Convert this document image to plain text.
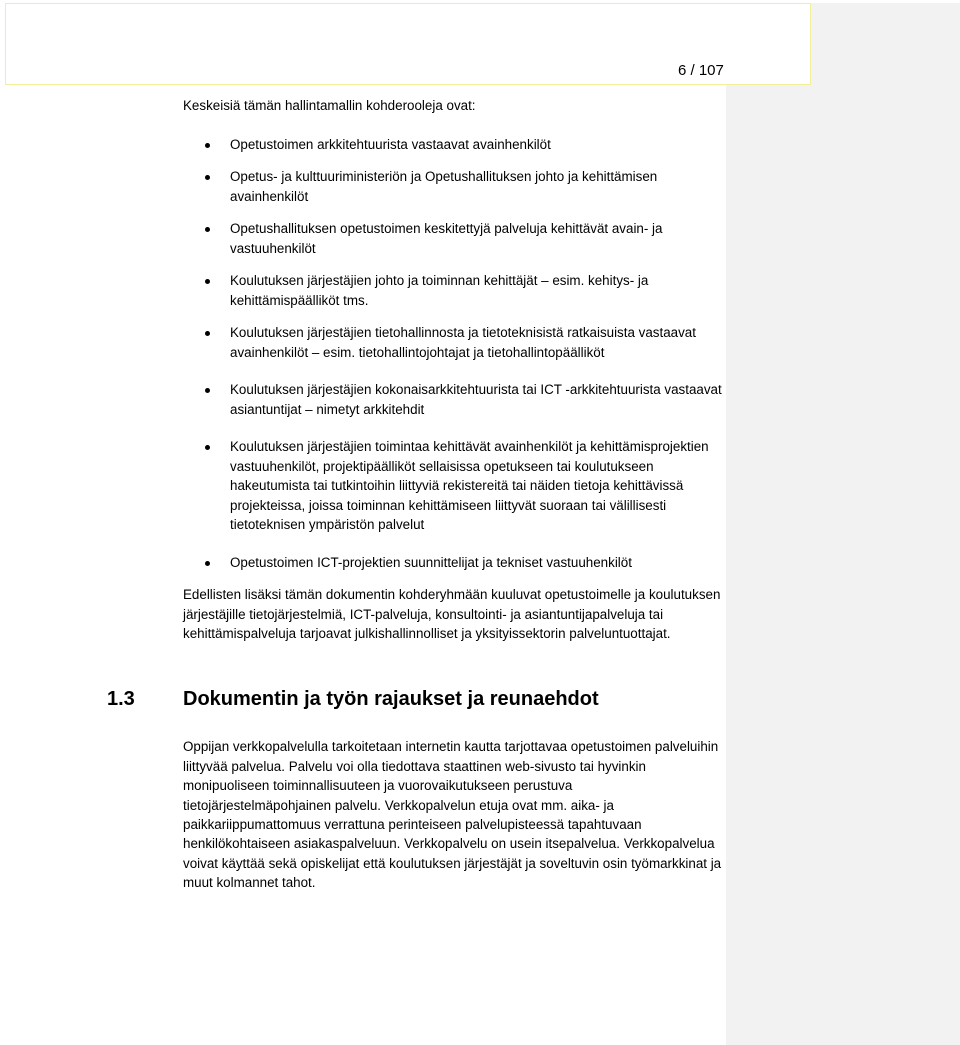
6 / 107

Keskeisiä tämän hallintamallin kohderooleja ovat:

Opetustoimen arkkitehtuurista vastaavat avainhenkilöt
Opetus- ja kulttuuriministeriön ja Opetushallituksen johto ja kehittämisen avainhenkilöt
Opetushallituksen opetustoimen keskitettyjä palveluja kehittävät avain- ja vastuuhenkilöt
Koulutuksen järjestäjien johto ja toiminnan kehittäjät – esim. kehitys- ja kehittämispäälliköt tms.
Koulutuksen järjestäjien tietohallinnosta ja tietoteknisistä ratkaisuista vastaavat avainhenkilöt – esim. tietohallintojohtajat ja tietohallintopäälliköt
Koulutuksen järjestäjien kokonaisarkkitehtuurista tai ICT -arkkitehtuurista vastaavat asiantuntijat – nimetyt arkkitehdit
Koulutuksen järjestäjien toimintaa kehittävät avainhenkilöt ja kehittämisprojektien vastuuhenkilöt, projektipäälliköt sellaisissa opetukseen tai koulutukseen hakeutumista tai tutkintoihin liittyviä rekistereitä tai näiden tietoja kehittävissä projekteissa, joissa toiminnan kehittämiseen liittyvät suoraan tai välillisesti tietoteknisen ympäristön palvelut
Opetustoimen ICT-projektien suunnittelijat ja tekniset vastuuhenkilöt

Edellisten lisäksi tämän dokumentin kohderyhmään kuuluvat opetustoimelle ja koulutuksen järjestäjille tietojärjestelmiä, ICT-palveluja, konsultointi- ja asiantuntijapalveluja tai kehittämispalveluja tarjoavat julkishallinnolliset ja yksityissektorin palveluntuottajat.

1.3 Dokumentin ja työn rajaukset ja reunaehdot

Oppijan verkkopalvelulla tarkoitetaan internetin kautta tarjottavaa opetustoimen palveluihin liittyvää palvelua. Palvelu voi olla tiedottava staattinen web-sivusto tai hyvinkin monipuoliseen toiminnallisuuteen ja vuorovaikutukseen perustuva tietojärjestelmäpohjainen palvelu. Verkkopalvelun etuja ovat mm. aika- ja paikkariippumattomuus verrattuna perinteiseen palvelupisteessä tapahtuvaan henkilökohtaiseen asiakaspalveluun. Verkkopalvelu on usein itsepalvelua. Verkkopalvelua voivat käyttää sekä opiskelijat että koulutuksen järjestäjät ja soveltuvin osin työmarkkinat ja muut kolmannet tahot.
